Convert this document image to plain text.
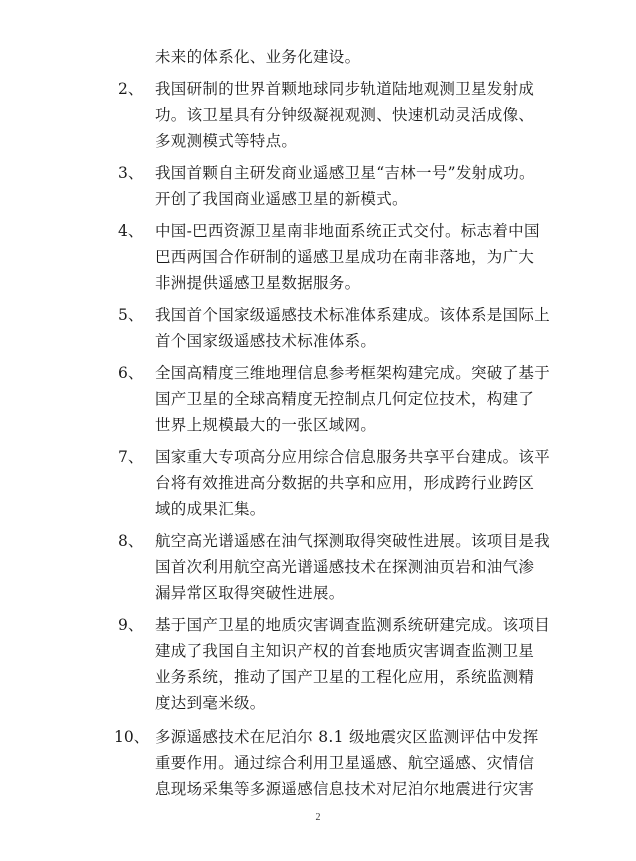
未来的体系化、业务化建设。
2、 我国研制的世界首颗地球同步轨道陆地观测卫星发射成
功。该卫星具有分钟级凝视观测、快速机动灵活成像、
多观测模式等特点。
3、 我国首颗自主研发商业遥感卫星“吉林一号”发射成功。
开创了我国商业遥感卫星的新模式。
4、 中国-巴西资源卫星南非地面系统正式交付。标志着中国
巴西两国合作研制的遥感卫星成功在南非落地，为广大
非洲提供遥感卫星数据服务。
5、 我国首个国家级遥感技术标准体系建成。该体系是国际上
首个国家级遥感技术标准体系。
6、 全国高精度三维地理信息参考框架构建完成。突破了基于
国产卫星的全球高精度无控制点几何定位技术，构建了
世界上规模最大的一张区域网。
7、 国家重大专项高分应用综合信息服务共享平台建成。该平
台将有效推进高分数据的共享和应用，形成跨行业跨区
域的成果汇集。
8、 航空高光谱遥感在油气探测取得突破性进展。该项目是我
国首次利用航空高光谱遥感技术在探测油页岩和油气渗
漏异常区取得突破性进展。
9、 基于国产卫星的地质灾害调查监测系统研建完成。该项目
建成了我国自主知识产权的首套地质灾害调查监测卫星
业务系统，推动了国产卫星的工程化应用，系统监测精
度达到毫米级。
10、 多源遥感技术在尼泊尔 8.1 级地震灾区监测评估中发挥
重要作用。通过综合利用卫星遥感、航空遥感、灾情信
息现场采集等多源遥感信息技术对尼泊尔地震进行灾害
2
